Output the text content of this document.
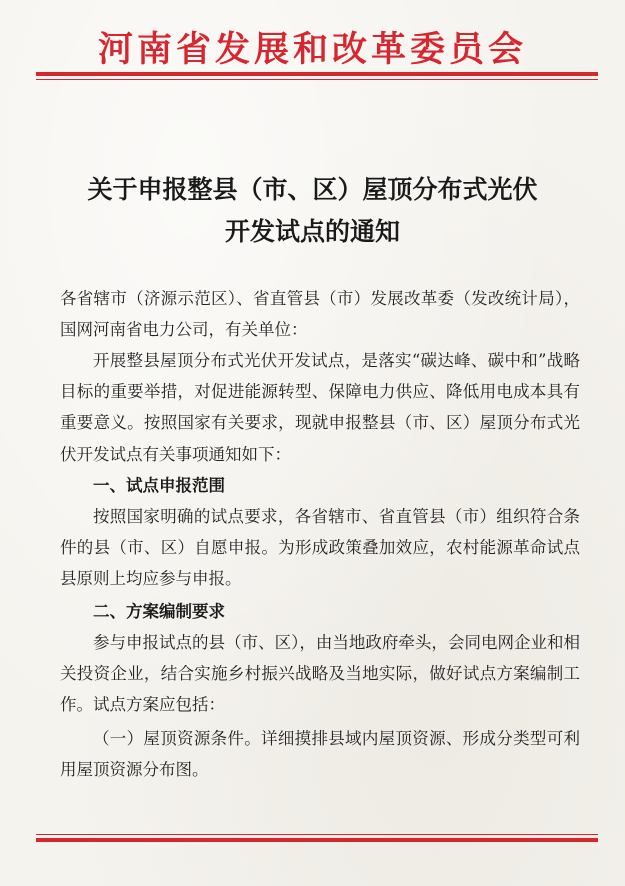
河南省发展和改革委员会
关于申报整县（市、区）屋顶分布式光伏
开发试点的通知
各省辖市（济源示范区）、省直管县（市）发展改革委（发改统计局），国网河南省电力公司，有关单位：
开展整县屋顶分布式光伏开发试点，是落实“碳达峰、碳中和”战略目标的重要举措，对促进能源转型、保障电力供应、降低用电成本具有重要意义。按照国家有关要求，现就申报整县（市、区）屋顶分布式光伏开发试点有关事项通知如下：
一、试点申报范围
按照国家明确的试点要求，各省辖市、省直管县（市）组织符合条件的县（市、区）自愿申报。为形成政策叠加效应，农村能源革命试点县原则上均应参与申报。
二、方案编制要求
参与申报试点的县（市、区），由当地政府牵头，会同电网企业和相关投资企业，结合实施乡村振兴战略及当地实际，做好试点方案编制工作。试点方案应包括：
（一）屋顶资源条件。详细摸排县域内屋顶资源、形成分类型可利用屋顶资源分布图。
